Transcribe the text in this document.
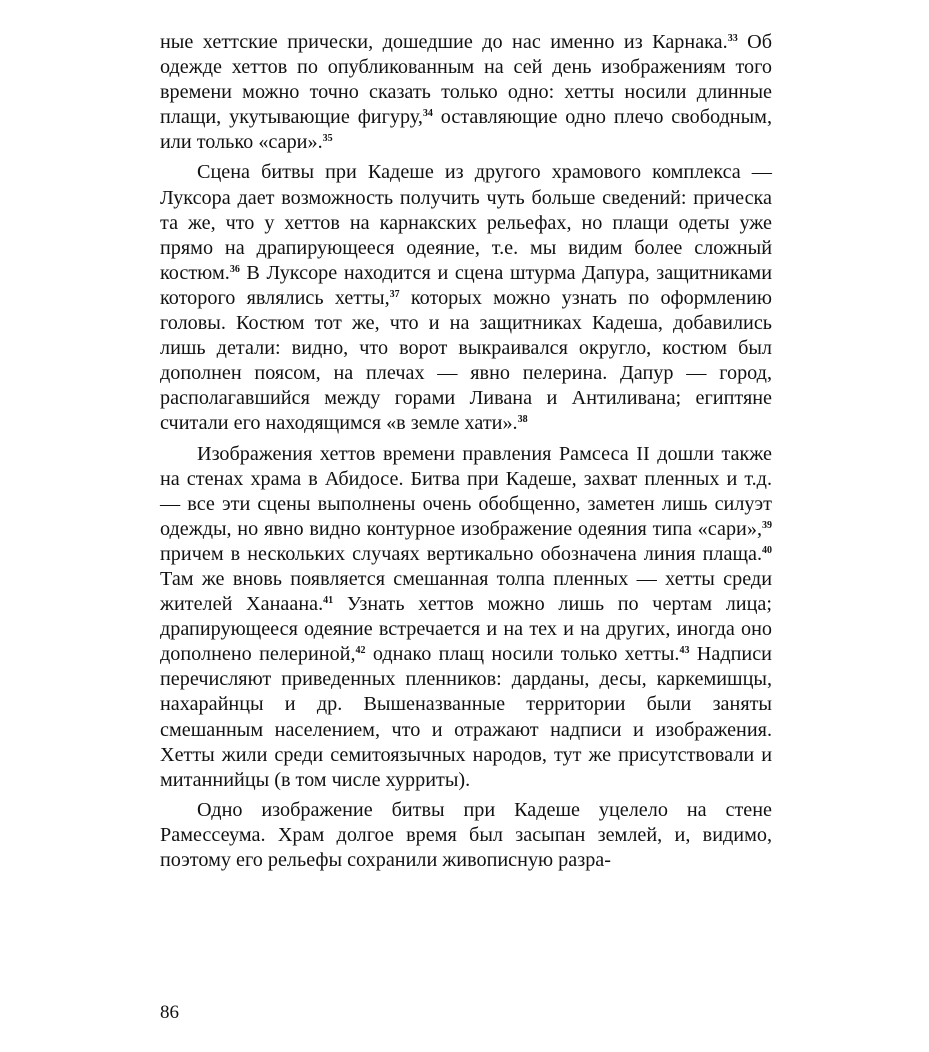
ные хеттские прически, дошедшие до нас именно из Карнака.$^{33}$ Об одежде хеттов по опубликованным на сей день изображениям того времени можно точно сказать только одно: хетты носили длинные плащи, укутывающие фигуру,$^{34}$ оставляющие одно плечо свободным, или только «сари».$^{35}$

Сцена битвы при Кадеше из другого храмового комплекса — Луксора дает возможность получить чуть больше сведений: прическа та же, что у хеттов на карнакских рельефах, но плащи одеты уже прямо на драпирующееся одеяние, т.е. мы видим более сложный костюм.$^{36}$ В Луксоре находится и сцена штурма Дапура, защитниками которого являлись хетты,$^{37}$ которых можно узнать по оформлению головы. Костюм тот же, что и на защитниках Кадеша, добавились лишь детали: видно, что ворот выкраивался округло, костюм был дополнен поясом, на плечах — явно пелерина. Дапур — город, располагавшийся между горами Ливана и Антиливана; египтяне считали его находящимся «в земле хати».$^{38}$

Изображения хеттов времени правления Рамсеса II дошли также на стенах храма в Абидосе. Битва при Кадеше, захват пленных и т.д. — все эти сцены выполнены очень обобщенно, заметен лишь силуэт одежды, но явно видно контурное изображение одеяния типа «сари»,$^{39}$ причем в нескольких случаях вертикально обозначена линия плаща.$^{40}$ Там же вновь появляется смешанная толпа пленных — хетты среди жителей Ханаана.$^{41}$ Узнать хеттов можно лишь по чертам лица; драпирующееся одеяние встречается и на тех и на других, иногда оно дополнено пелериной,$^{42}$ однако плащ носили только хетты.$^{43}$ Надписи перечисляют приведенных пленников: дарданы, десы, каркемишцы, нахарайнцы и др. Вышеназванные территории были заняты смешанным населением, что и отражают надписи и изображения. Хетты жили среди семитоязычных народов, тут же присутствовали и митаннийцы (в том числе хурриты).

Одно изображение битвы при Кадеше уцелело на стене Рамессеума. Храм долгое время был засыпан землей, и, видимо, поэтому его рельефы сохранили живописную разра-

86
